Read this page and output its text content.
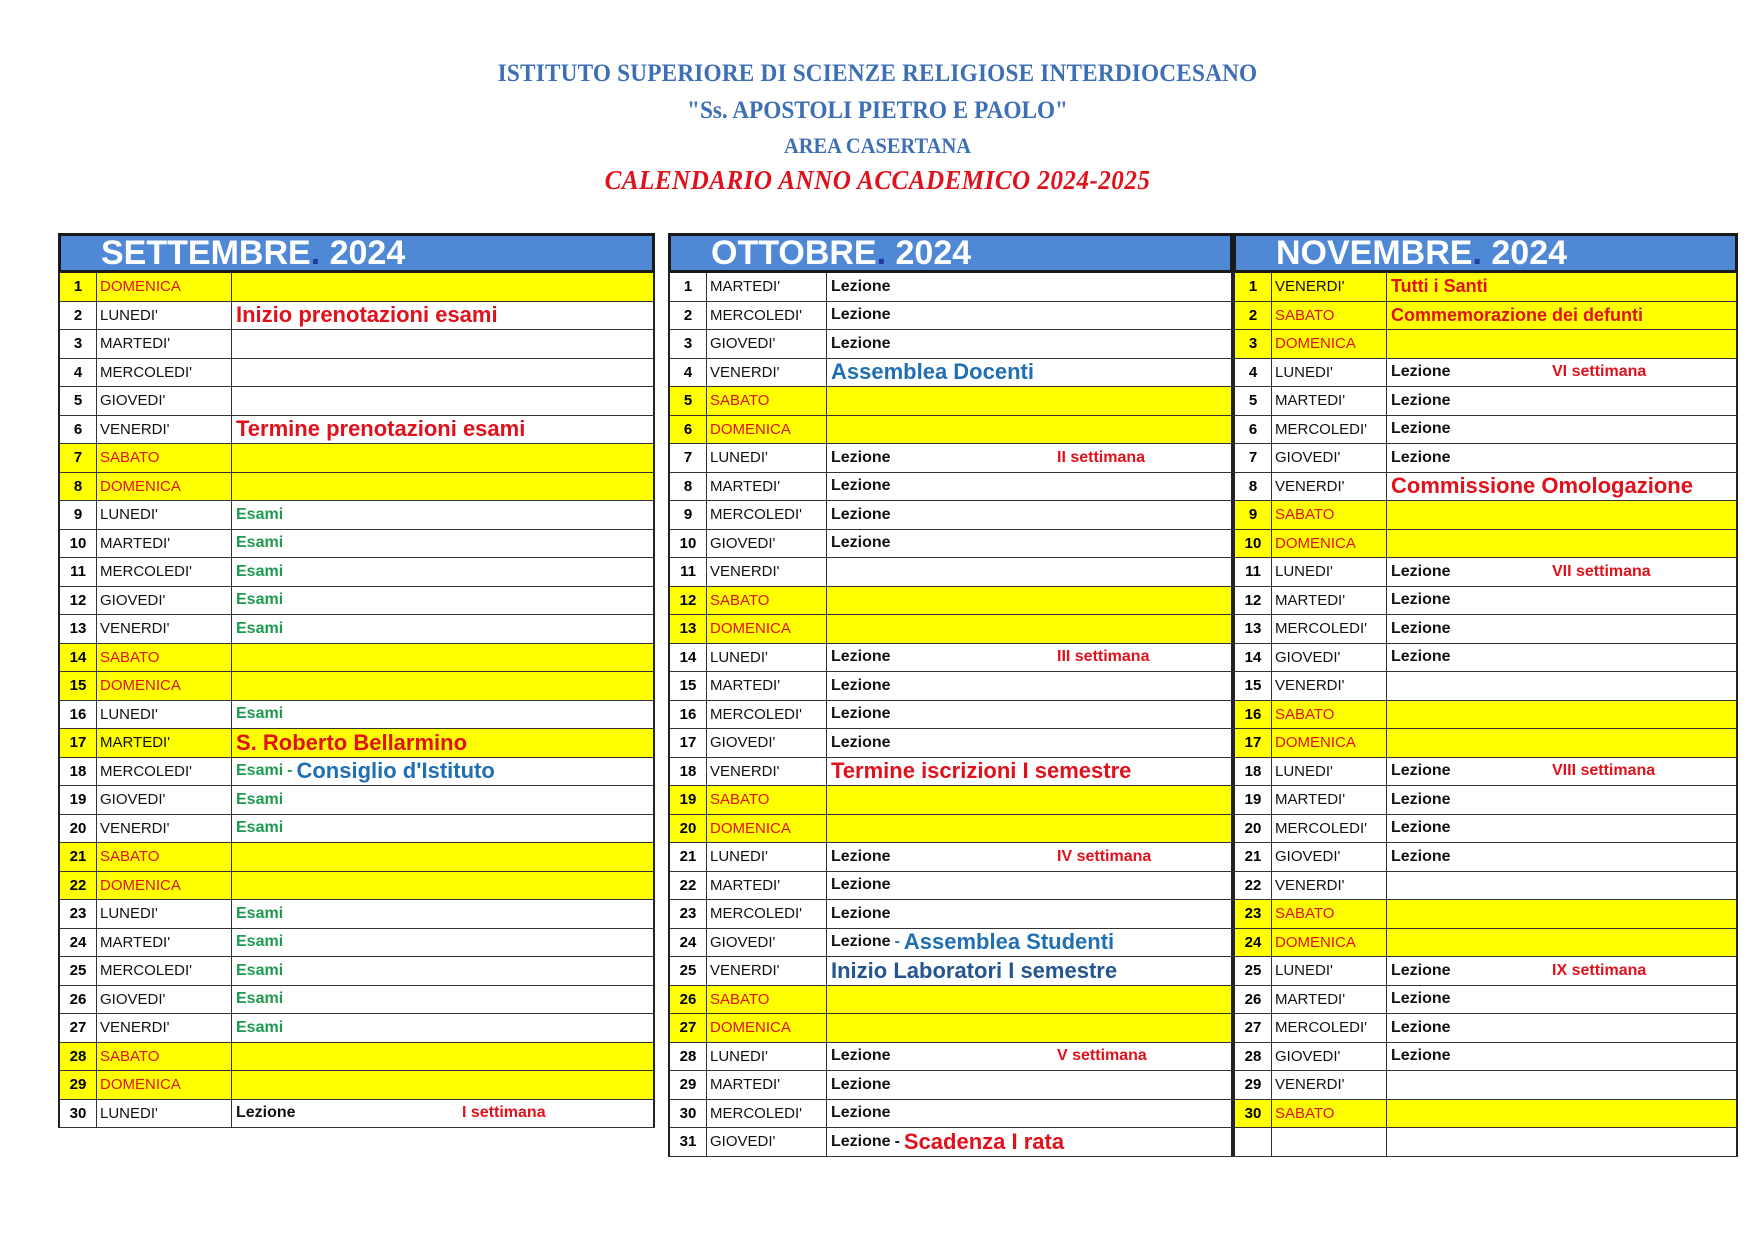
ISTITUTO SUPERIORE DI SCIENZE RELIGIOSE INTERDIOCESANO
"Ss. APOSTOLI PIETRO E PAOLO"
AREA CASERTANA
CALENDARIO ANNO ACCADEMICO 2024-2025
SETTEMBRE. 2024
1	DOMENICA
2	LUNEDI'	Inizio prenotazioni esami
3	MARTEDI'
4	MERCOLEDI'
5	GIOVEDI'
6	VENERDI'	Termine prenotazioni esami
7	SABATO
8	DOMENICA
9	LUNEDI'	Esami
10 MARTEDI'	Esami
11 MERCOLEDI'	Esami
12 GIOVEDI'	Esami
13 VENERDI'	Esami
14 SABATO
15 DOMENICA
16 LUNEDI'	Esami
17 MARTEDI'	S. Roberto Bellarmino
18 MERCOLEDI'	Esami - Consiglio d'Istituto
19 GIOVEDI'	Esami
20 VENERDI'	Esami
21 SABATO
22 DOMENICA
23 LUNEDI'	Esami
24 MARTEDI'	Esami
25 MERCOLEDI'	Esami
26 GIOVEDI'	Esami
27 VENERDI'	Esami
28 SABATO
29 DOMENICA
30 LUNEDI'	Lezione	I settimana
OTTOBRE. 2024
1	MARTEDI'	Lezione
2	MERCOLEDI'	Lezione
3	GIOVEDI'	Lezione
4	VENERDI'	Assemblea Docenti
5	SABATO
6	DOMENICA
7	LUNEDI'	Lezione	II settimana
8	MARTEDI'	Lezione
9	MERCOLEDI'	Lezione
10 GIOVEDI'	Lezione
11 VENERDI'
12 SABATO
13 DOMENICA
14 LUNEDI'	Lezione	III settimana
15 MARTEDI'	Lezione
16 MERCOLEDI'	Lezione
17 GIOVEDI'	Lezione
18 VENERDI'	Termine iscrizioni I semestre
19 SABATO
20 DOMENICA
21 LUNEDI'	Lezione	IV settimana
22 MARTEDI'	Lezione
23 MERCOLEDI'	Lezione
24 GIOVEDI'	Lezione - Assemblea Studenti
25 VENERDI'	Inizio Laboratori I semestre
26 SABATO
27 DOMENICA
28 LUNEDI'	Lezione	V settimana
29 MARTEDI'	Lezione
30 MERCOLEDI'	Lezione
31 GIOVEDI'	Lezione - Scadenza I rata
NOVEMBRE. 2024
1	VENERDI'	Tutti i Santi
2	SABATO	Commemorazione dei defunti
3	DOMENICA
4	LUNEDI'	Lezione	VI settimana
5	MARTEDI'	Lezione
6	MERCOLEDI'	Lezione
7	GIOVEDI'	Lezione
8	VENERDI'	Commissione Omologazione
9	SABATO
10 DOMENICA
11 LUNEDI'	Lezione	VII settimana
12 MARTEDI'	Lezione
13 MERCOLEDI'	Lezione
14 GIOVEDI'	Lezione
15 VENERDI'
16 SABATO
17 DOMENICA
18 LUNEDI'	Lezione	VIII settimana
19 MARTEDI'	Lezione
20 MERCOLEDI'	Lezione
21 GIOVEDI'	Lezione
22 VENERDI'
23 SABATO
24 DOMENICA
25 LUNEDI'	Lezione	IX settimana
26 MARTEDI'	Lezione
27 MERCOLEDI'	Lezione
28 GIOVEDI'	Lezione
29 VENERDI'
30 SABATO
